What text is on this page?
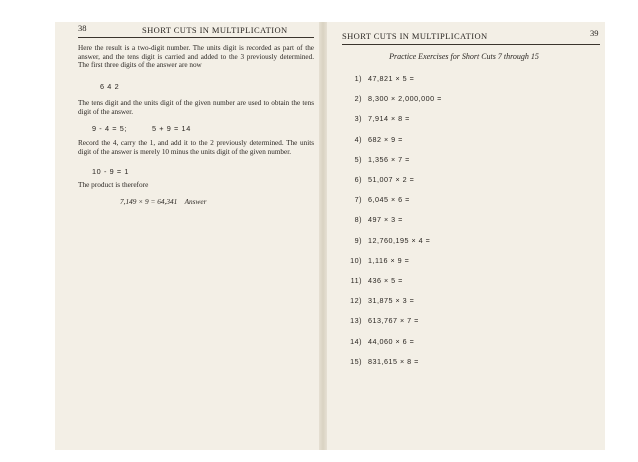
38	SHORT CUTS IN MULTIPLICATION
Here the result is a two-digit number. The units digit is recorded as part of the answer, and the tens digit is carried and added to the 3 previously determined. The first three digits of the answer are now
6 4 2
The tens digit and the units digit of the given number are used to obtain the tens digit of the answer.
9 - 4 = 5;	5 + 9 = 14
Record the 4, carry the 1, and add it to the 2 previously determined. The units digit of the answer is merely 10 minus the units digit of the given number.
10 - 9 = 1
The product is therefore
7,149 × 9 = 64,341 Answer
SHORT CUTS IN MULTIPLICATION	39
Practice Exercises for Short Cuts 7 through 15
1) 47,821 × 5 =
2) 8,300 × 2,000,000 =
3) 7,914 × 8 =
4) 682 × 9 =
5) 1,356 × 7 =
6) 51,007 × 2 =
7) 6,045 × 6 =
8) 497 × 3 =
9) 12,760,195 × 4 =
10) 1,116 × 9 =
11) 436 × 5 =
12) 31,875 × 3 =
13) 613,767 × 7 =
14) 44,060 × 6 =
15) 831,615 × 8 =
